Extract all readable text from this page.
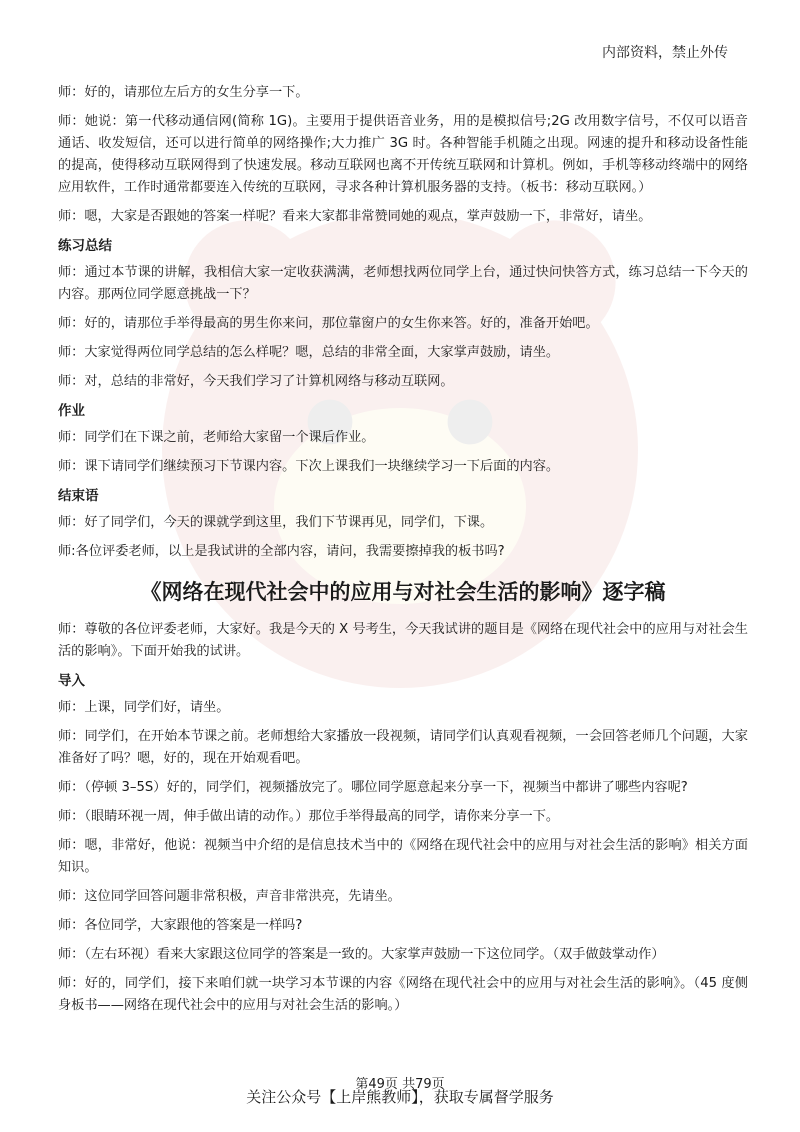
内部资料，禁止外传

师：好的，请那位左后方的女生分享一下。

师：她说：第一代移动通信网(简称 1G)。主要用于提供语音业务，用的是模拟信号;2G 改用数字信号，不仅可以语音通话、收发短信，还可以进行简单的网络操作;大力推广 3G 时。各种智能手机随之出现。网速的提升和移动设备性能的提高，使得移动互联网得到了快速发展。移动互联网也离不开传统互联网和计算机。例如，手机等移动终端中的网络应用软件，工作时通常都要连入传统的互联网，寻求各种计算机服务器的支持。（板书：移动互联网。）

师：嗯，大家是否跟她的答案一样呢？看来大家都非常赞同她的观点，掌声鼓励一下，非常好，请坐。

练习总结

师：通过本节课的讲解，我相信大家一定收获满满，老师想找两位同学上台，通过快问快答方式，练习总结一下今天的内容。那两位同学愿意挑战一下？

师：好的，请那位手举得最高的男生你来问，那位靠窗户的女生你来答。好的，准备开始吧。

师：大家觉得两位同学总结的怎么样呢？嗯，总结的非常全面，大家掌声鼓励，请坐。

师：对，总结的非常好，今天我们学习了计算机网络与移动互联网。

作业

师：同学们在下课之前，老师给大家留一个课后作业。

师：课下请同学们继续预习下节课内容。下次上课我们一块继续学习一下后面的内容。

结束语

师：好了同学们，今天的课就学到这里，我们下节课再见，同学们，下课。

师:各位评委老师，以上是我试讲的全部内容，请问，我需要擦掉我的板书吗?

《网络在现代社会中的应用与对社会生活的影响》逐字稿

师：尊敬的各位评委老师，大家好。我是今天的 X 号考生，今天我试讲的题目是《网络在现代社会中的应用与对社会生活的影响》。下面开始我的试讲。

导入

师：上课，同学们好，请坐。

师：同学们，在开始本节课之前。老师想给大家播放一段视频，请同学们认真观看视频，一会回答老师几个问题，大家准备好了吗？嗯，好的，现在开始观看吧。

师：（停顿 3–5S）好的，同学们，视频播放完了。哪位同学愿意起来分享一下，视频当中都讲了哪些内容呢?

师：（眼睛环视一周，伸手做出请的动作。）那位手举得最高的同学，请你来分享一下。

师：嗯，非常好，他说：视频当中介绍的是信息技术当中的《网络在现代社会中的应用与对社会生活的影响》相关方面知识。

师：这位同学回答问题非常积极，声音非常洪亮，先请坐。

师：各位同学，大家跟他的答案是一样吗?

师：（左右环视）看来大家跟这位同学的答案是一致的。大家掌声鼓励一下这位同学。（双手做鼓掌动作）

师：好的，同学们，接下来咱们就一块学习本节课的内容《网络在现代社会中的应用与对社会生活的影响》。（45 度侧身板书——网络在现代社会中的应用与对社会生活的影响。）

第49页 共79页
关注公众号【上岸熊教师】，获取专属督学服务
